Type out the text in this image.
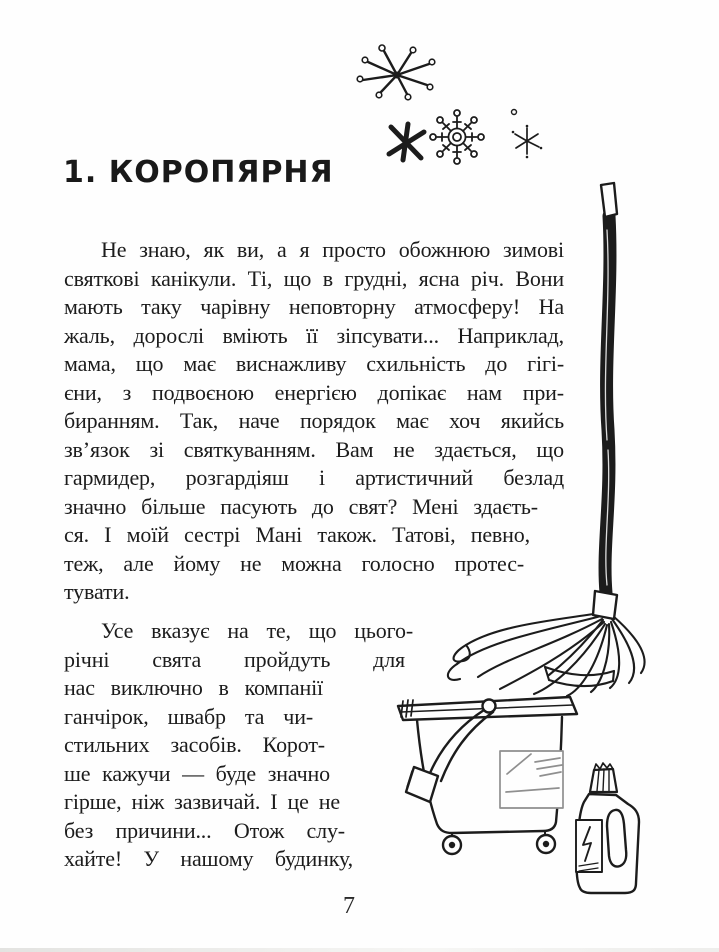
1. КОРОПЯРНЯ
Не знаю, як ви, а я просто обожнюю зимові
святкові канікули. Ті, що в грудні, ясна річ. Вони
мають таку чарівну неповторну атмосферу! На
жаль, дорослі вміють її зіпсувати... Наприклад,
мама, що має виснажливу схильність до гігі-
єни, з подвоєною енергією допікає нам при-
биранням. Так, наче порядок має хоч якийсь
зв’язок зі святкуванням. Вам не здається, що
гармидер, розгардіяш і артистичний безлад
значно більше пасують до свят? Мені здаєть-
ся. І моїй сестрі Мані також. Татові, певно,
теж, але йому не можна голосно протес-
тувати.
Усе вказує на те, що цього-
річні свята пройдуть для
нас виключно в компанії
ганчірок, швабр та чи-
стильних засобів. Корот-
ше кажучи — буде значно
гірше, ніж зазвичай. І це не
без причини... Отож слу-
хайте! У нашому будинку,
7
